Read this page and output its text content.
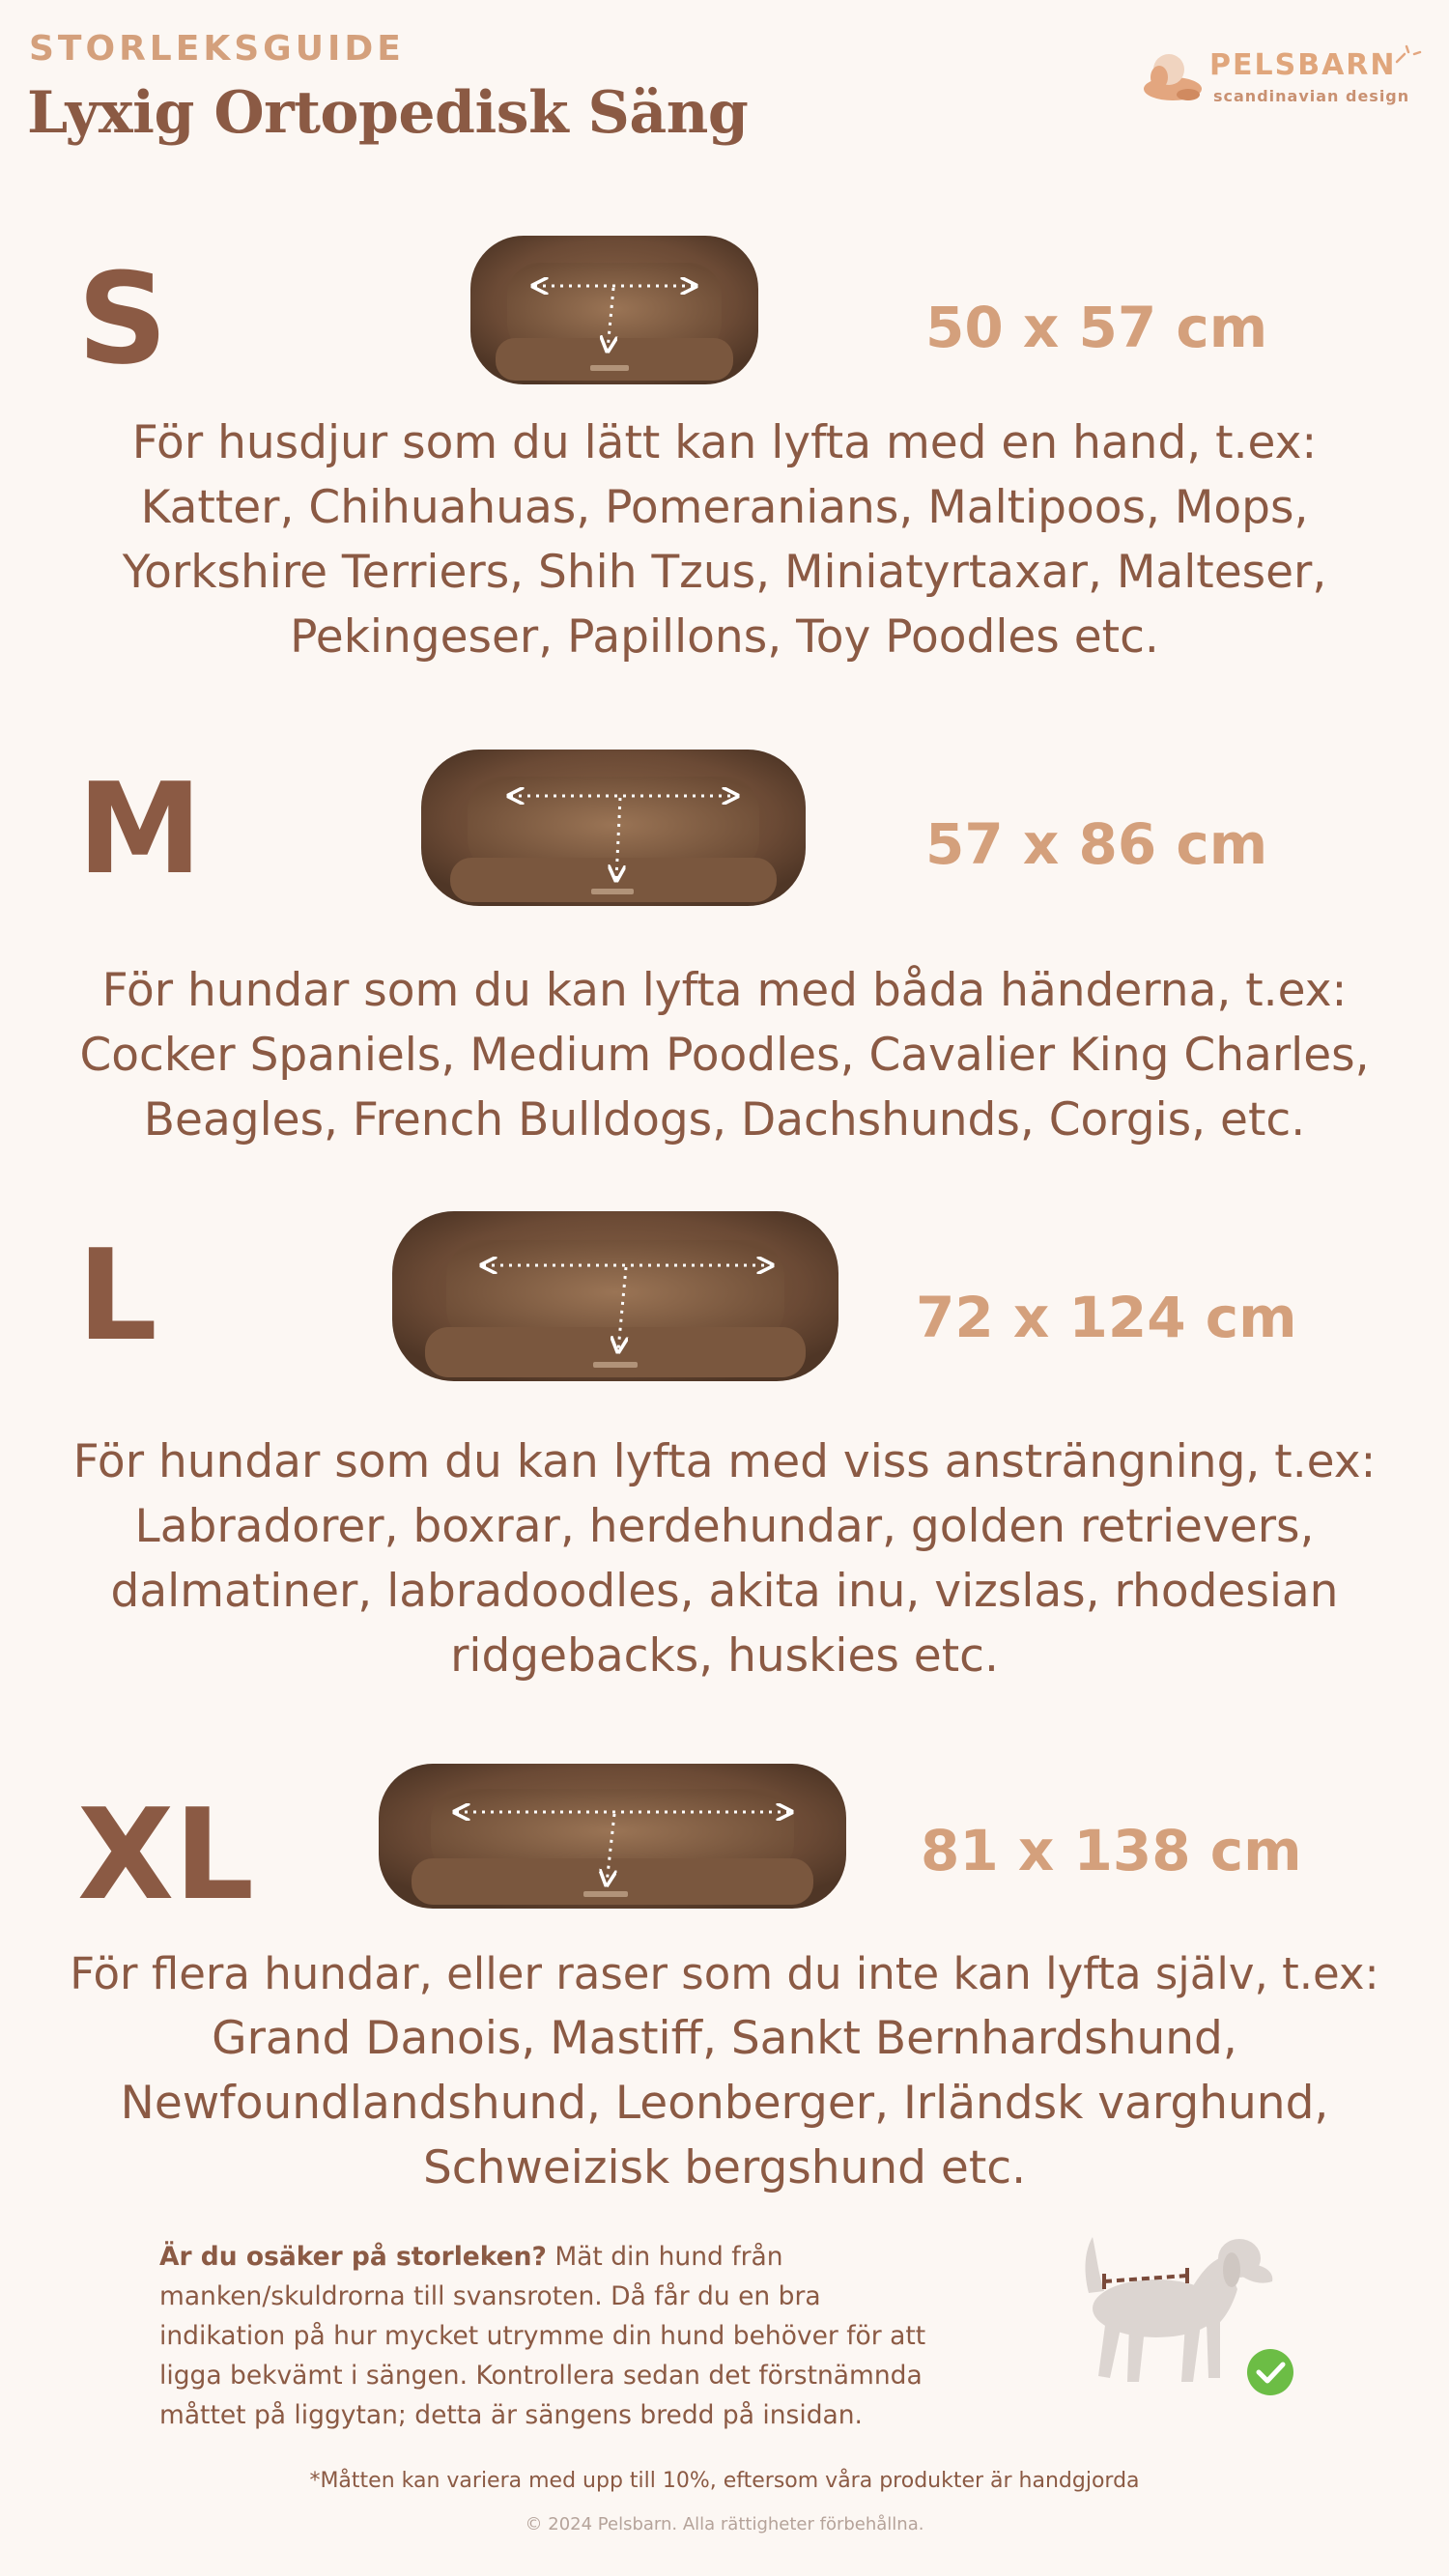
STORLEKSGUIDE
Lyxig Ortopedisk Säng
PELSBARN
scandinavian design
S	50 x 57 cm
För husdjur som du lätt kan lyfta med en hand, t.ex:
Katter, Chihuahuas, Pomeranians, Maltipoos, Mops,
Yorkshire Terriers, Shih Tzus, Miniatyrtaxar, Malteser,
Pekingeser, Papillons, Toy Poodles etc.
M	57 x 86 cm
För hundar som du kan lyfta med båda händerna, t.ex:
Cocker Spaniels, Medium Poodles, Cavalier King Charles,
Beagles, French Bulldogs, Dachshunds, Corgis, etc.
L	72 x 124 cm
För hundar som du kan lyfta med viss ansträngning, t.ex:
Labradorer, boxrar, herdehundar, golden retrievers,
dalmatiner, labradoodles, akita inu, vizslas, rhodesian
ridgebacks, huskies etc.
XL	81 x 138 cm
För flera hundar, eller raser som du inte kan lyfta själv, t.ex:
Grand Danois, Mastiff, Sankt Bernhardshund,
Newfoundlandshund, Leonberger, Irländsk varghund,
Schweizisk bergshund etc.
Är du osäker på storleken? Mät din hund från
manken/skuldrorna till svansroten. Då får du en bra
indikation på hur mycket utrymme din hund behöver för att
ligga bekvämt i sängen. Kontrollera sedan det förstnämnda
måttet på liggytan; detta är sängens bredd på insidan.
*Måtten kan variera med upp till 10%, eftersom våra produkter är handgjorda
© 2024 Pelsbarn. Alla rättigheter förbehållna.
